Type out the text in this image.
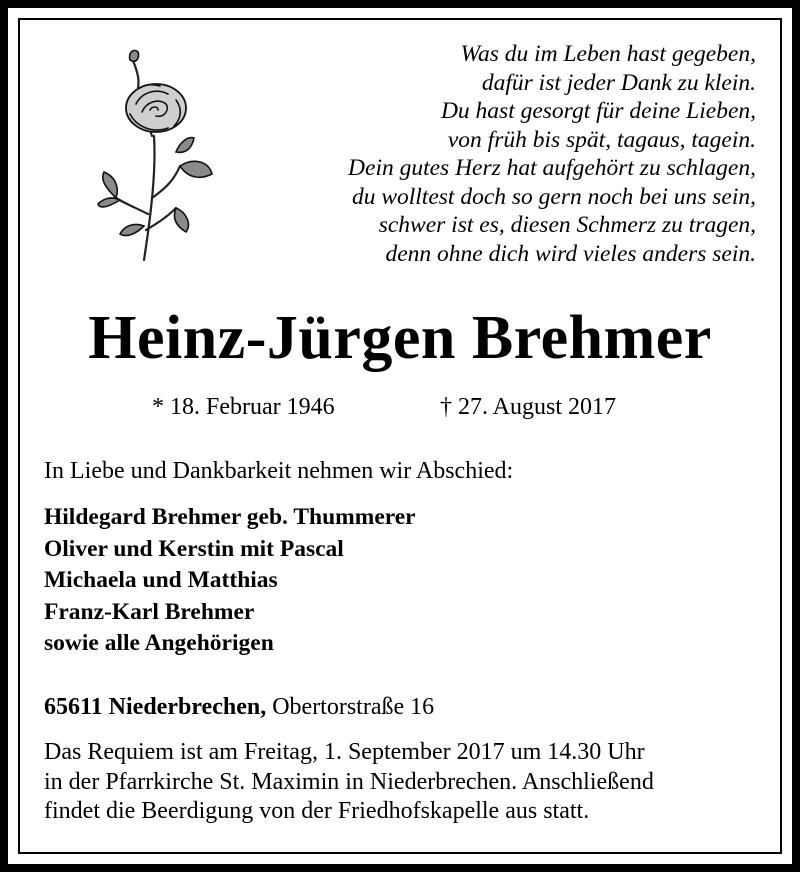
Was du im Leben hast gegeben,
dafür ist jeder Dank zu klein.
Du hast gesorgt für deine Lieben,
von früh bis spät, tagaus, tagein.
Dein gutes Herz hat aufgehört zu schlagen,
du wolltest doch so gern noch bei uns sein,
schwer ist es, diesen Schmerz zu tragen,
denn ohne dich wird vieles anders sein.
Heinz-Jürgen Brehmer
* 18. Februar 1946	† 27. August 2017
In Liebe und Dankbarkeit nehmen wir Abschied:
Hildegard Brehmer geb. Thummerer
Oliver und Kerstin mit Pascal
Michaela und Matthias
Franz-Karl Brehmer
sowie alle Angehörigen
65611 Niederbrechen, Obertorstraße 16
Das Requiem ist am Freitag, 1. September 2017 um 14.30 Uhr
in der Pfarrkirche St. Maximin in Niederbrechen. Anschließend
findet die Beerdigung von der Friedhofskapelle aus statt.
